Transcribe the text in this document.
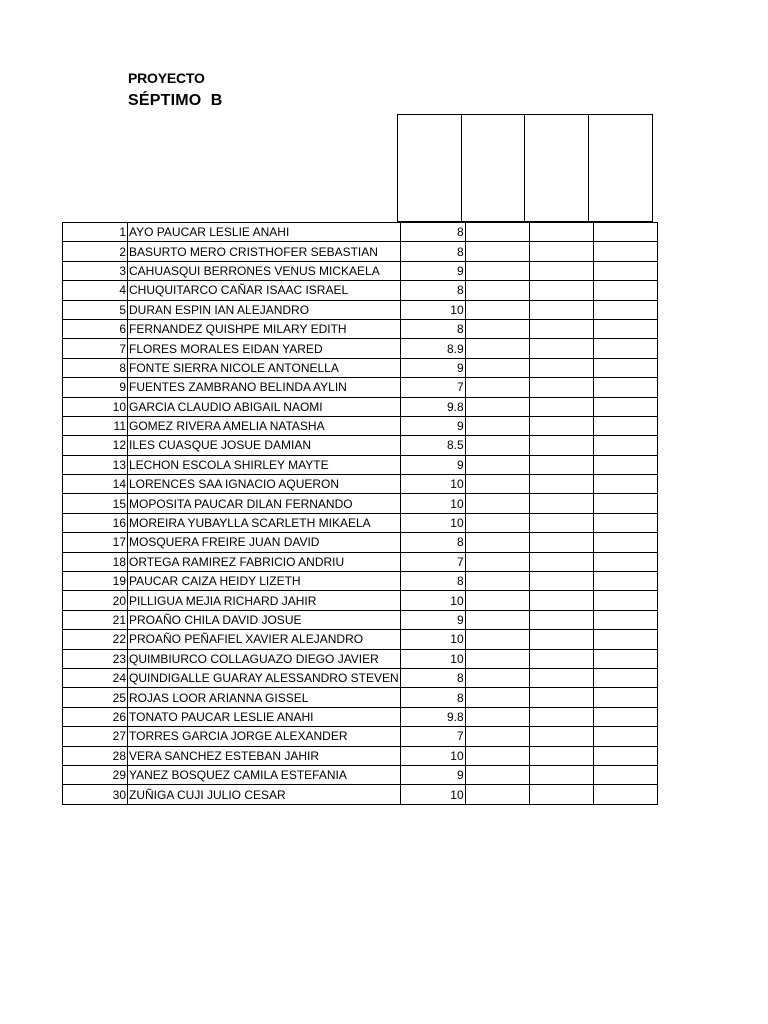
PROYECTO
SÉPTIMO  B
1	AYO PAUCAR LESLIE ANAHI	8			
2	BASURTO MERO CRISTHOFER SEBASTIAN	8			
3	CAHUASQUI BERRONES VENUS MICKAELA	9			
4	CHUQUITARCO CAÑAR ISAAC ISRAEL	8			
5	DURAN ESPIN IAN ALEJANDRO	10			
6	FERNANDEZ QUISHPE MILARY EDITH	8			
7	FLORES MORALES EIDAN YARED	8.9			
8	FONTE SIERRA NICOLE ANTONELLA	9			
9	FUENTES ZAMBRANO BELINDA AYLIN	7			
10	GARCIA CLAUDIO ABIGAIL NAOMI	9.8			
11	GOMEZ RIVERA AMELIA NATASHA	9			
12	ILES CUASQUE JOSUE DAMIAN	8.5			
13	LECHON ESCOLA SHIRLEY MAYTE	9			
14	LORENCES SAA IGNACIO AQUERON	10			
15	MOPOSITA PAUCAR DILAN FERNANDO	10			
16	MOREIRA YUBAYLLA SCARLETH MIKAELA	10			
17	MOSQUERA FREIRE JUAN DAVID	8			
18	ORTEGA RAMIREZ FABRICIO ANDRIU	7			
19	PAUCAR CAIZA HEIDY LIZETH	8			
20	PILLIGUA MEJIA RICHARD JAHIR	10			
21	PROAÑO CHILA DAVID JOSUE	9			
22	PROAÑO PEÑAFIEL XAVIER ALEJANDRO	10			
23	QUIMBIURCO COLLAGUAZO DIEGO JAVIER	10			
24	QUINDIGALLE GUARAY ALESSANDRO STEVEN	8			
25	ROJAS LOOR ARIANNA GISSEL	8			
26	TONATO PAUCAR LESLIE ANAHI	9.8			
27	TORRES GARCIA JORGE ALEXANDER	7			
28	VERA SANCHEZ ESTEBAN JAHIR	10			
29	YANEZ BOSQUEZ CAMILA ESTEFANIA	9			
30	ZUÑIGA CUJI JULIO CESAR	10			
